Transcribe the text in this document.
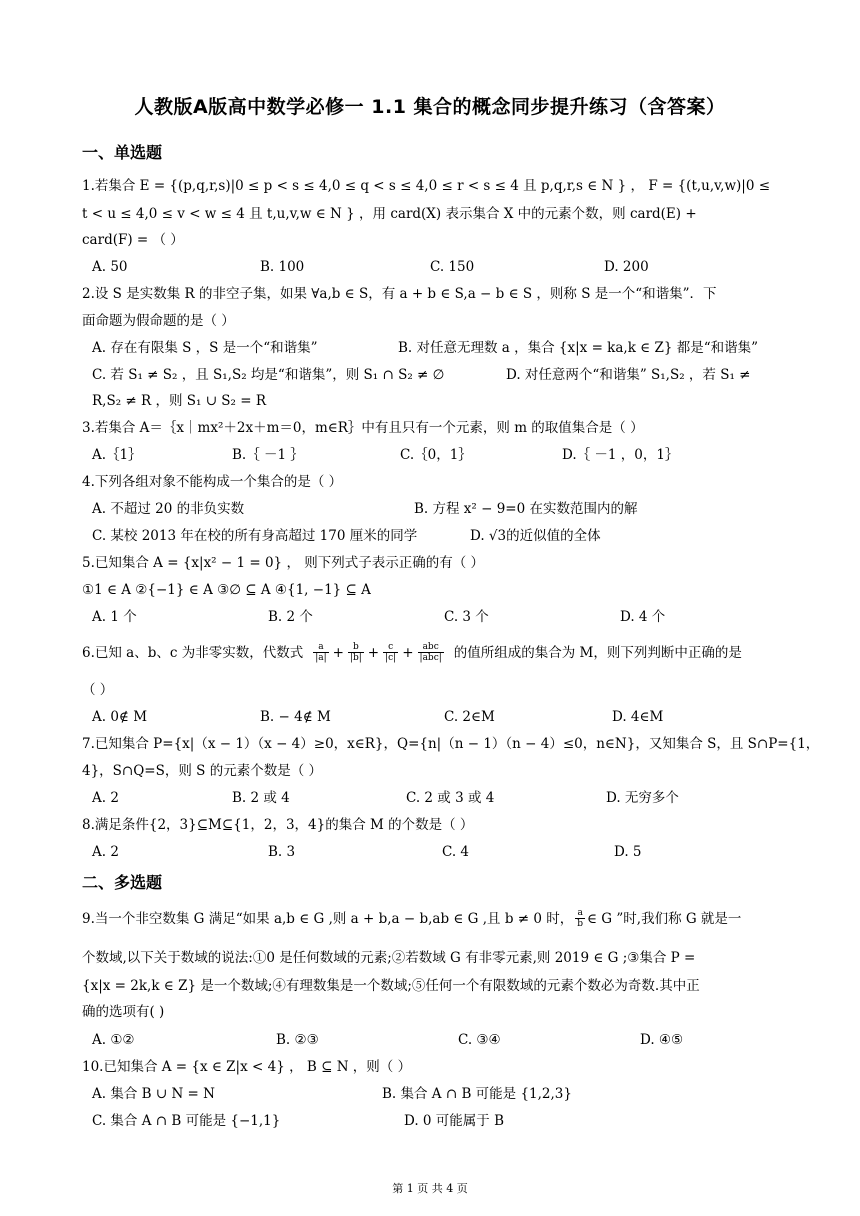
人教版A版高中数学必修一 1.1 集合的概念同步提升练习（含答案）
一、单选题
1.若集合 E = {(p,q,r,s)|0 ≤ p < s ≤ 4,0 ≤ q < s ≤ 4,0 ≤ r < s ≤ 4 且 p,q,r,s ∈ N } ， F = {(t,u,v,w)|0 ≤
t < u ≤ 4,0 ≤ v < w ≤ 4 且 t,u,v,w ∈ N } ，用 card(X) 表示集合 X 中的元素个数，则 card(E) +
card(F) = （ ）
A. 50	B. 100	C. 150	D. 200
2.设 S 是实数集 R 的非空子集，如果 ∀a,b ∈ S，有 a + b ∈ S,a − b ∈ S ，则称 S 是一个“和谐集”．下
面命题为假命题的是（ ）
A. 存在有限集 S ，S 是一个“和谐集”	B. 对任意无理数 a ，集合 {x|x = ka,k ∈ Z} 都是“和谐集”
C. 若 S₁ ≠ S₂ ，且 S₁,S₂ 均是“和谐集”，则 S₁ ∩ S₂ ≠ ∅	D. 对任意两个“和谐集” S₁,S₂ ，若 S₁ ≠
R,S₂ ≠ R ，则 S₁ ∪ S₂ = R
3.若集合 A＝｛x｜mx²＋2x＋m＝0，m∈R｝中有且只有一个元素，则 m 的取值集合是（ ）
A.｛1｝	B.｛ －1 ｝	C.｛0，1｝	D.｛ －1 ，0，1｝
4.下列各组对象不能构成一个集合的是（ ）
A. 不超过 20 的非负实数	B. 方程 x² − 9=0 在实数范围内的解
C. 某校 2013 年在校的所有身高超过 170 厘米的同学	D. √3的近似值的全体
5.已知集合 A = {x|x² − 1 = 0} ， 则下列式子表示正确的有（ ）
①1 ∈ A ②{−1} ∈ A ③∅ ⊆ A ④{1, −1} ⊆ A
A. 1 个	B. 2 个	C. 3 个	D. 4 个
6.已知 a、b、c 为非零实数，代数式 $\frac{a}{|a|} + \frac{b}{|b|} + \frac{c}{|c|}$ + abc
|abc| 的值所组成的集合为 M，则下列判断中正确的是
（ ）
A. 0∉ M	B. − 4∉ M	C. 2∈M	D. 4∈M
7.已知集合 P={x|（x − 1）（x − 4）≥0，x∈R}，Q={n|（n − 1）（n − 4）≤0，n∈N}，又知集合 S，且 S∩P={1，
4}，S∩Q=S，则 S 的元素个数是（ ）
A. 2	B. 2 或 4	C. 2 或 3 或 4	D. 无穷多个
8.满足条件{2，3}⊆M⊆{1，2，3，4}的集合 M 的个数是（ ）
A. 2	B. 3	C. 4	D. 5
二、多选题
9.当一个非空数集 G 满足“如果 a,b ∈ G ,则 a + b,a − b,ab ∈ G ,且 b ≠ 0 时， $\frac{a}{b}$ ∈ G ”时,我们称 G 就是一
个数域,以下关于数域的说法:①0 是任何数域的元素;②若数域 G 有非零元素,则 2019 ∈ G ;③集合 P =
{x|x = 2k,k ∈ Z} 是一个数域;④有理数集是一个数域;⑤任何一个有限数域的元素个数必为奇数.其中正
确的选项有( )
A. ①②	B. ②③	C. ③④	D. ④⑤
10.已知集合 A = {x ∈ Z|x < 4} ， B ⊆ N ，则（ ）
A. 集合 B ∪ N = N	B. 集合 A ∩ B 可能是 {1,2,3}
C. 集合 A ∩ B 可能是 {−1,1}	D. 0 可能属于 B
第 1 页 共 4 页
